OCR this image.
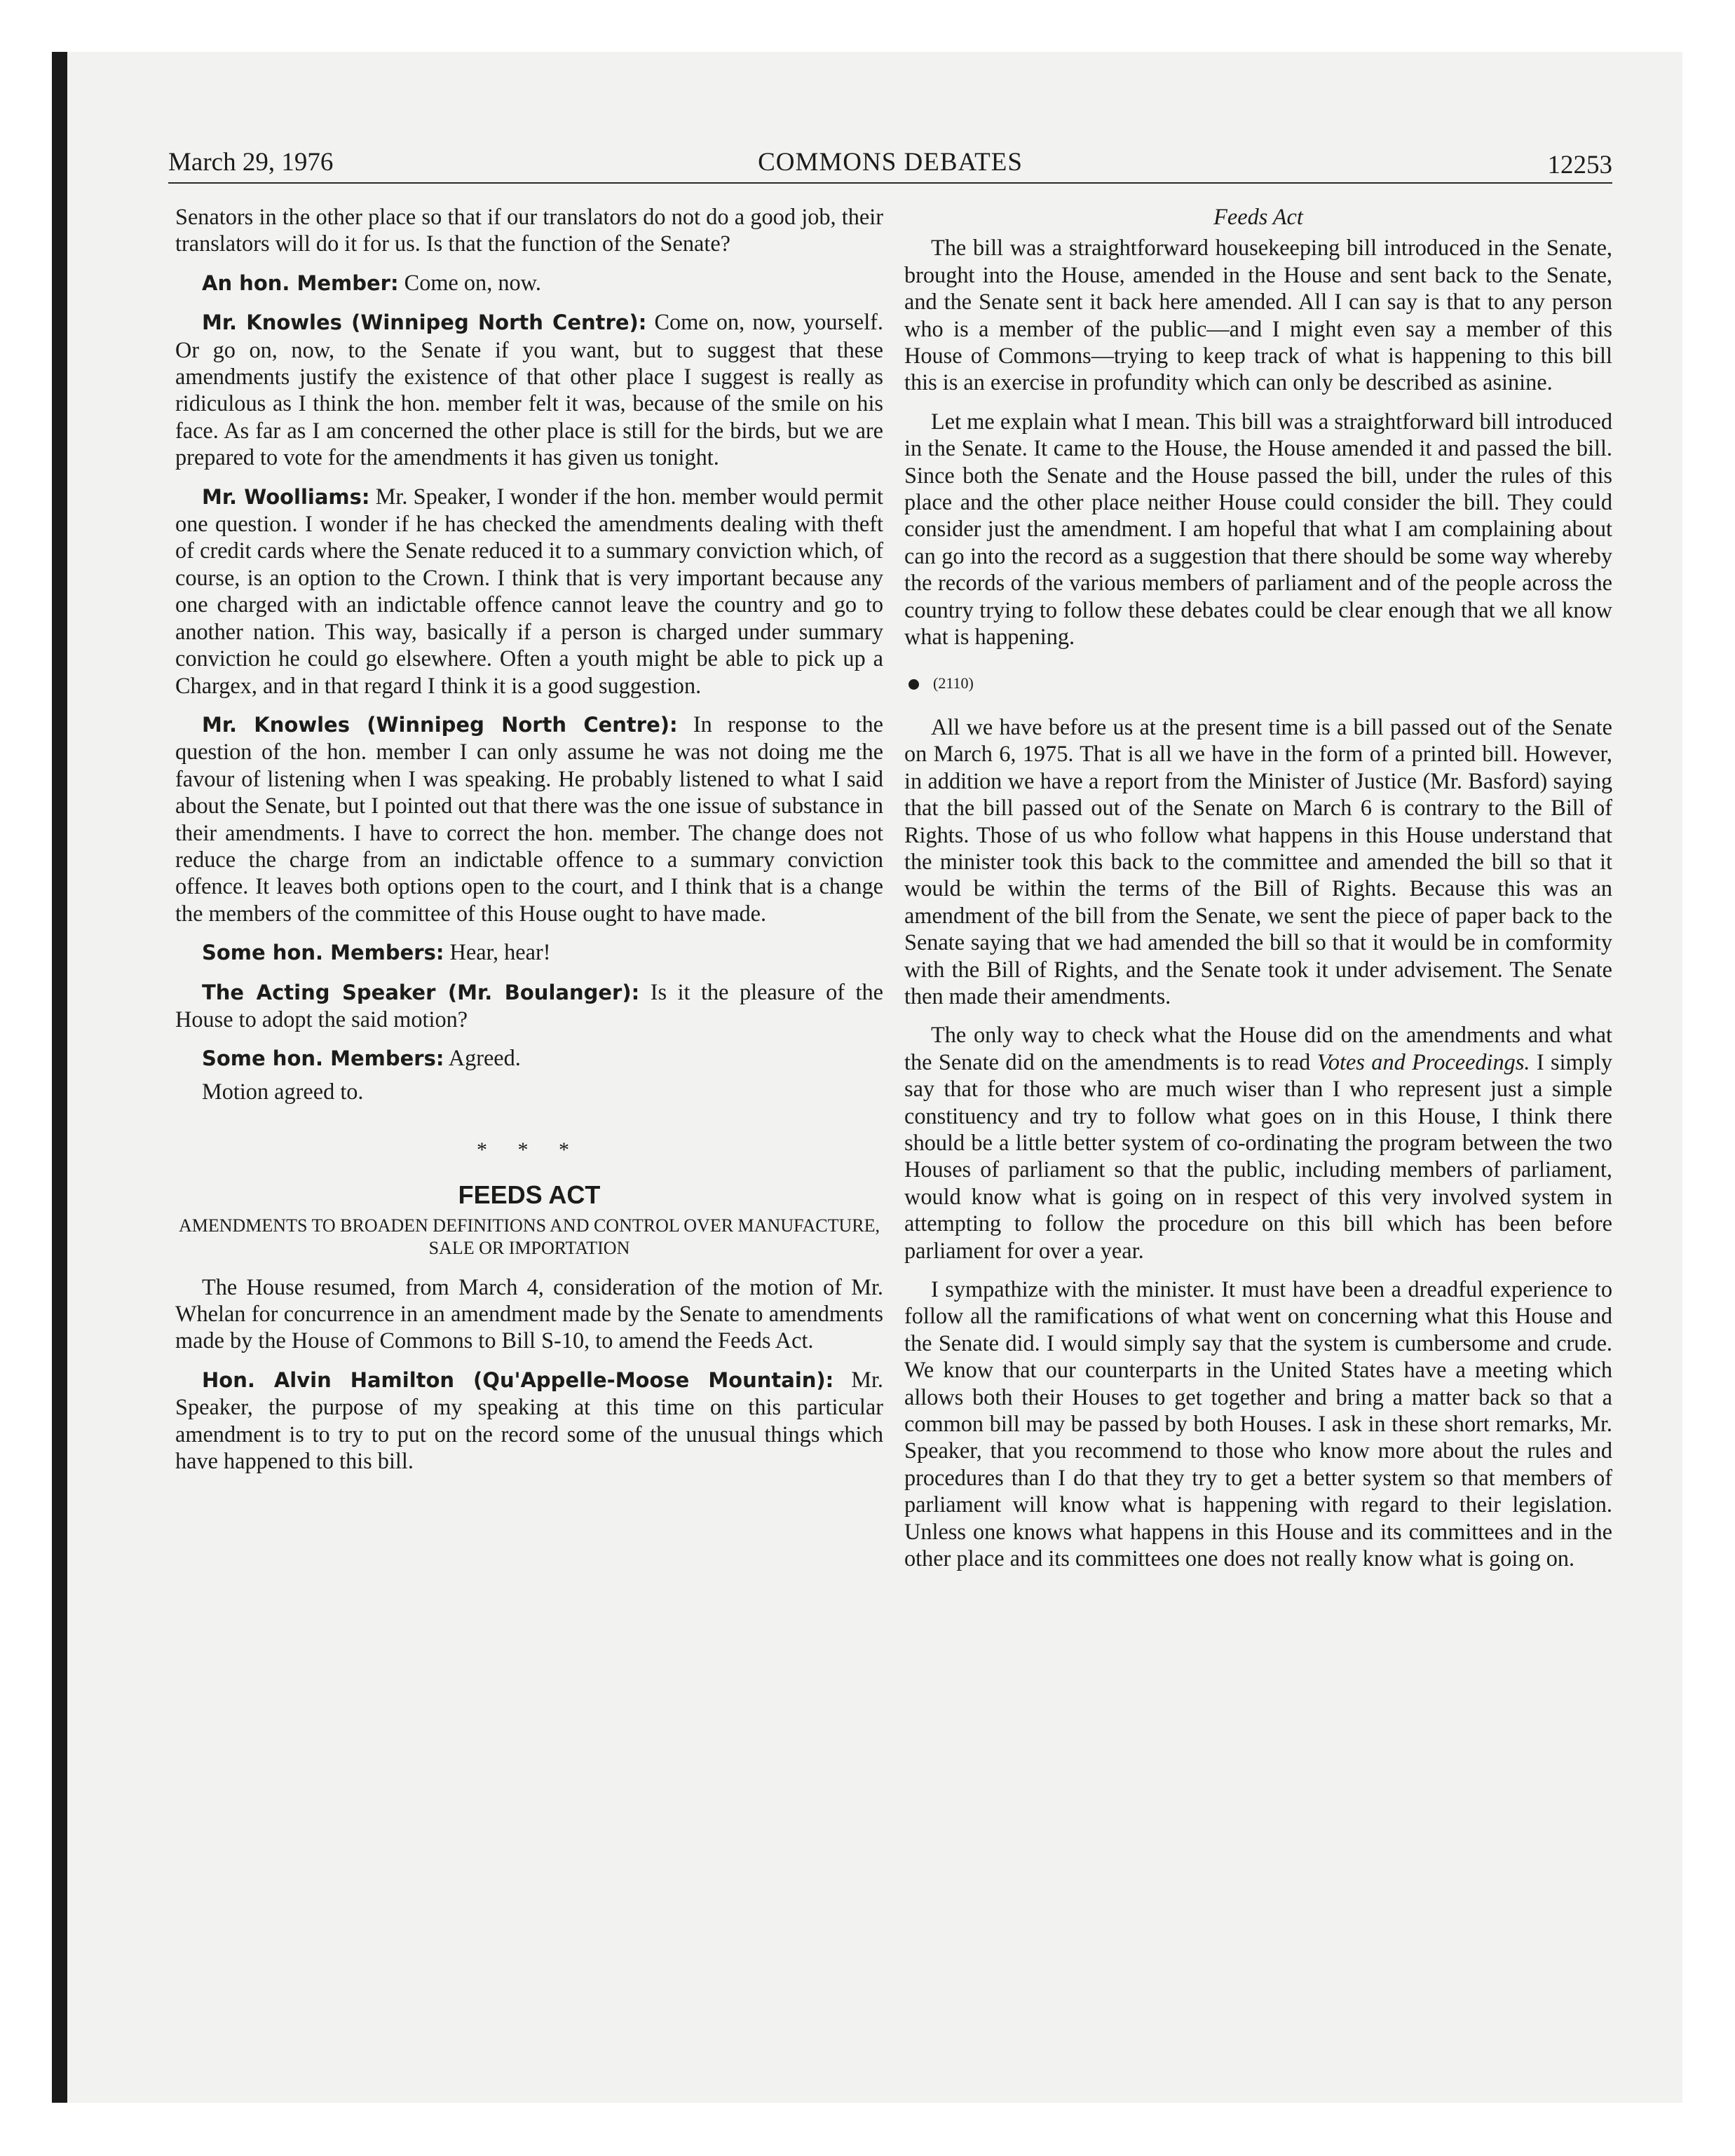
March 29, 1976	COMMONS DEBATES	12253

Senators in the other place so that if our translators do not do a good job, their translators will do it for us. Is that the function of the Senate?

An hon. Member: Come on, now.

Mr. Knowles (Winnipeg North Centre): Come on, now, yourself. Or go on, now, to the Senate if you want, but to suggest that these amendments justify the existence of that other place I suggest is really as ridiculous as I think the hon. member felt it was, because of the smile on his face. As far as I am concerned the other place is still for the birds, but we are prepared to vote for the amendments it has given us tonight.

Mr. Woolliams: Mr. Speaker, I wonder if the hon. member would permit one question. I wonder if he has checked the amendments dealing with theft of credit cards where the Senate reduced it to a summary conviction which, of course, is an option to the Crown. I think that is very important because any one charged with an indictable offence cannot leave the country and go to another nation. This way, basically if a person is charged under summary conviction he could go elsewhere. Often a youth might be able to pick up a Chargex, and in that regard I think it is a good suggestion.

Mr. Knowles (Winnipeg North Centre): In response to the question of the hon. member I can only assume he was not doing me the favour of listening when I was speaking. He probably listened to what I said about the Senate, but I pointed out that there was the one issue of substance in their amendments. I have to correct the hon. member. The change does not reduce the charge from an indictable offence to a summary conviction offence. It leaves both options open to the court, and I think that is a change the members of the committee of this House ought to have made.

Some hon. Members: Hear, hear!

The Acting Speaker (Mr. Boulanger): Is it the pleasure of the House to adopt the said motion?

Some hon. Members: Agreed.

Motion agreed to.

* * *
FEEDS ACT
AMENDMENTS TO BROADEN DEFINITIONS AND CONTROL OVER MANUFACTURE, SALE OR IMPORTATION

The House resumed, from March 4, consideration of the motion of Mr. Whelan for concurrence in an amendment made by the Senate to amendments made by the House of Commons to Bill S-10, to amend the Feeds Act.

Hon. Alvin Hamilton (Qu'Appelle-Moose Mountain): Mr. Speaker, the purpose of my speaking at this time on this particular amendment is to try to put on the record some of the unusual things which have happened to this bill.

Feeds Act

The bill was a straightforward housekeeping bill introduced in the Senate, brought into the House, amended in the House and sent back to the Senate, and the Senate sent it back here amended. All I can say is that to any person who is a member of the public—and I might even say a member of this House of Commons—trying to keep track of what is happening to this bill this is an exercise in profundity which can only be described as asinine.

Let me explain what I mean. This bill was a straightforward bill introduced in the Senate. It came to the House, the House amended it and passed the bill. Since both the Senate and the House passed the bill, under the rules of this place and the other place neither House could consider the bill. They could consider just the amendment. I am hopeful that what I am complaining about can go into the record as a suggestion that there should be some way whereby the records of the various members of parliament and of the people across the country trying to follow these debates could be clear enough that we all know what is happening.

(2110)

All we have before us at the present time is a bill passed out of the Senate on March 6, 1975. That is all we have in the form of a printed bill. However, in addition we have a report from the Minister of Justice (Mr. Basford) saying that the bill passed out of the Senate on March 6 is contrary to the Bill of Rights. Those of us who follow what happens in this House understand that the minister took this back to the committee and amended the bill so that it would be within the terms of the Bill of Rights. Because this was an amendment of the bill from the Senate, we sent the piece of paper back to the Senate saying that we had amended the bill so that it would be in comformity with the Bill of Rights, and the Senate took it under advisement. The Senate then made their amendments.

The only way to check what the House did on the amendments and what the Senate did on the amendments is to read Votes and Proceedings. I simply say that for those who are much wiser than I who represent just a simple constituency and try to follow what goes on in this House, I think there should be a little better system of co-ordinating the program between the two Houses of parliament so that the public, including members of parliament, would know what is going on in respect of this very involved system in attempting to follow the procedure on this bill which has been before parliament for over a year.

I sympathize with the minister. It must have been a dreadful experience to follow all the ramifications of what went on concerning what this House and the Senate did. I would simply say that the system is cumbersome and crude. We know that our counterparts in the United States have a meeting which allows both their Houses to get together and bring a matter back so that a common bill may be passed by both Houses. I ask in these short remarks, Mr. Speaker, that you recommend to those who know more about the rules and procedures than I do that they try to get a better system so that members of parliament will know what is happening with regard to their legislation. Unless one knows what happens in this House and its committees and in the other place and its committees one does not really know what is going on.
